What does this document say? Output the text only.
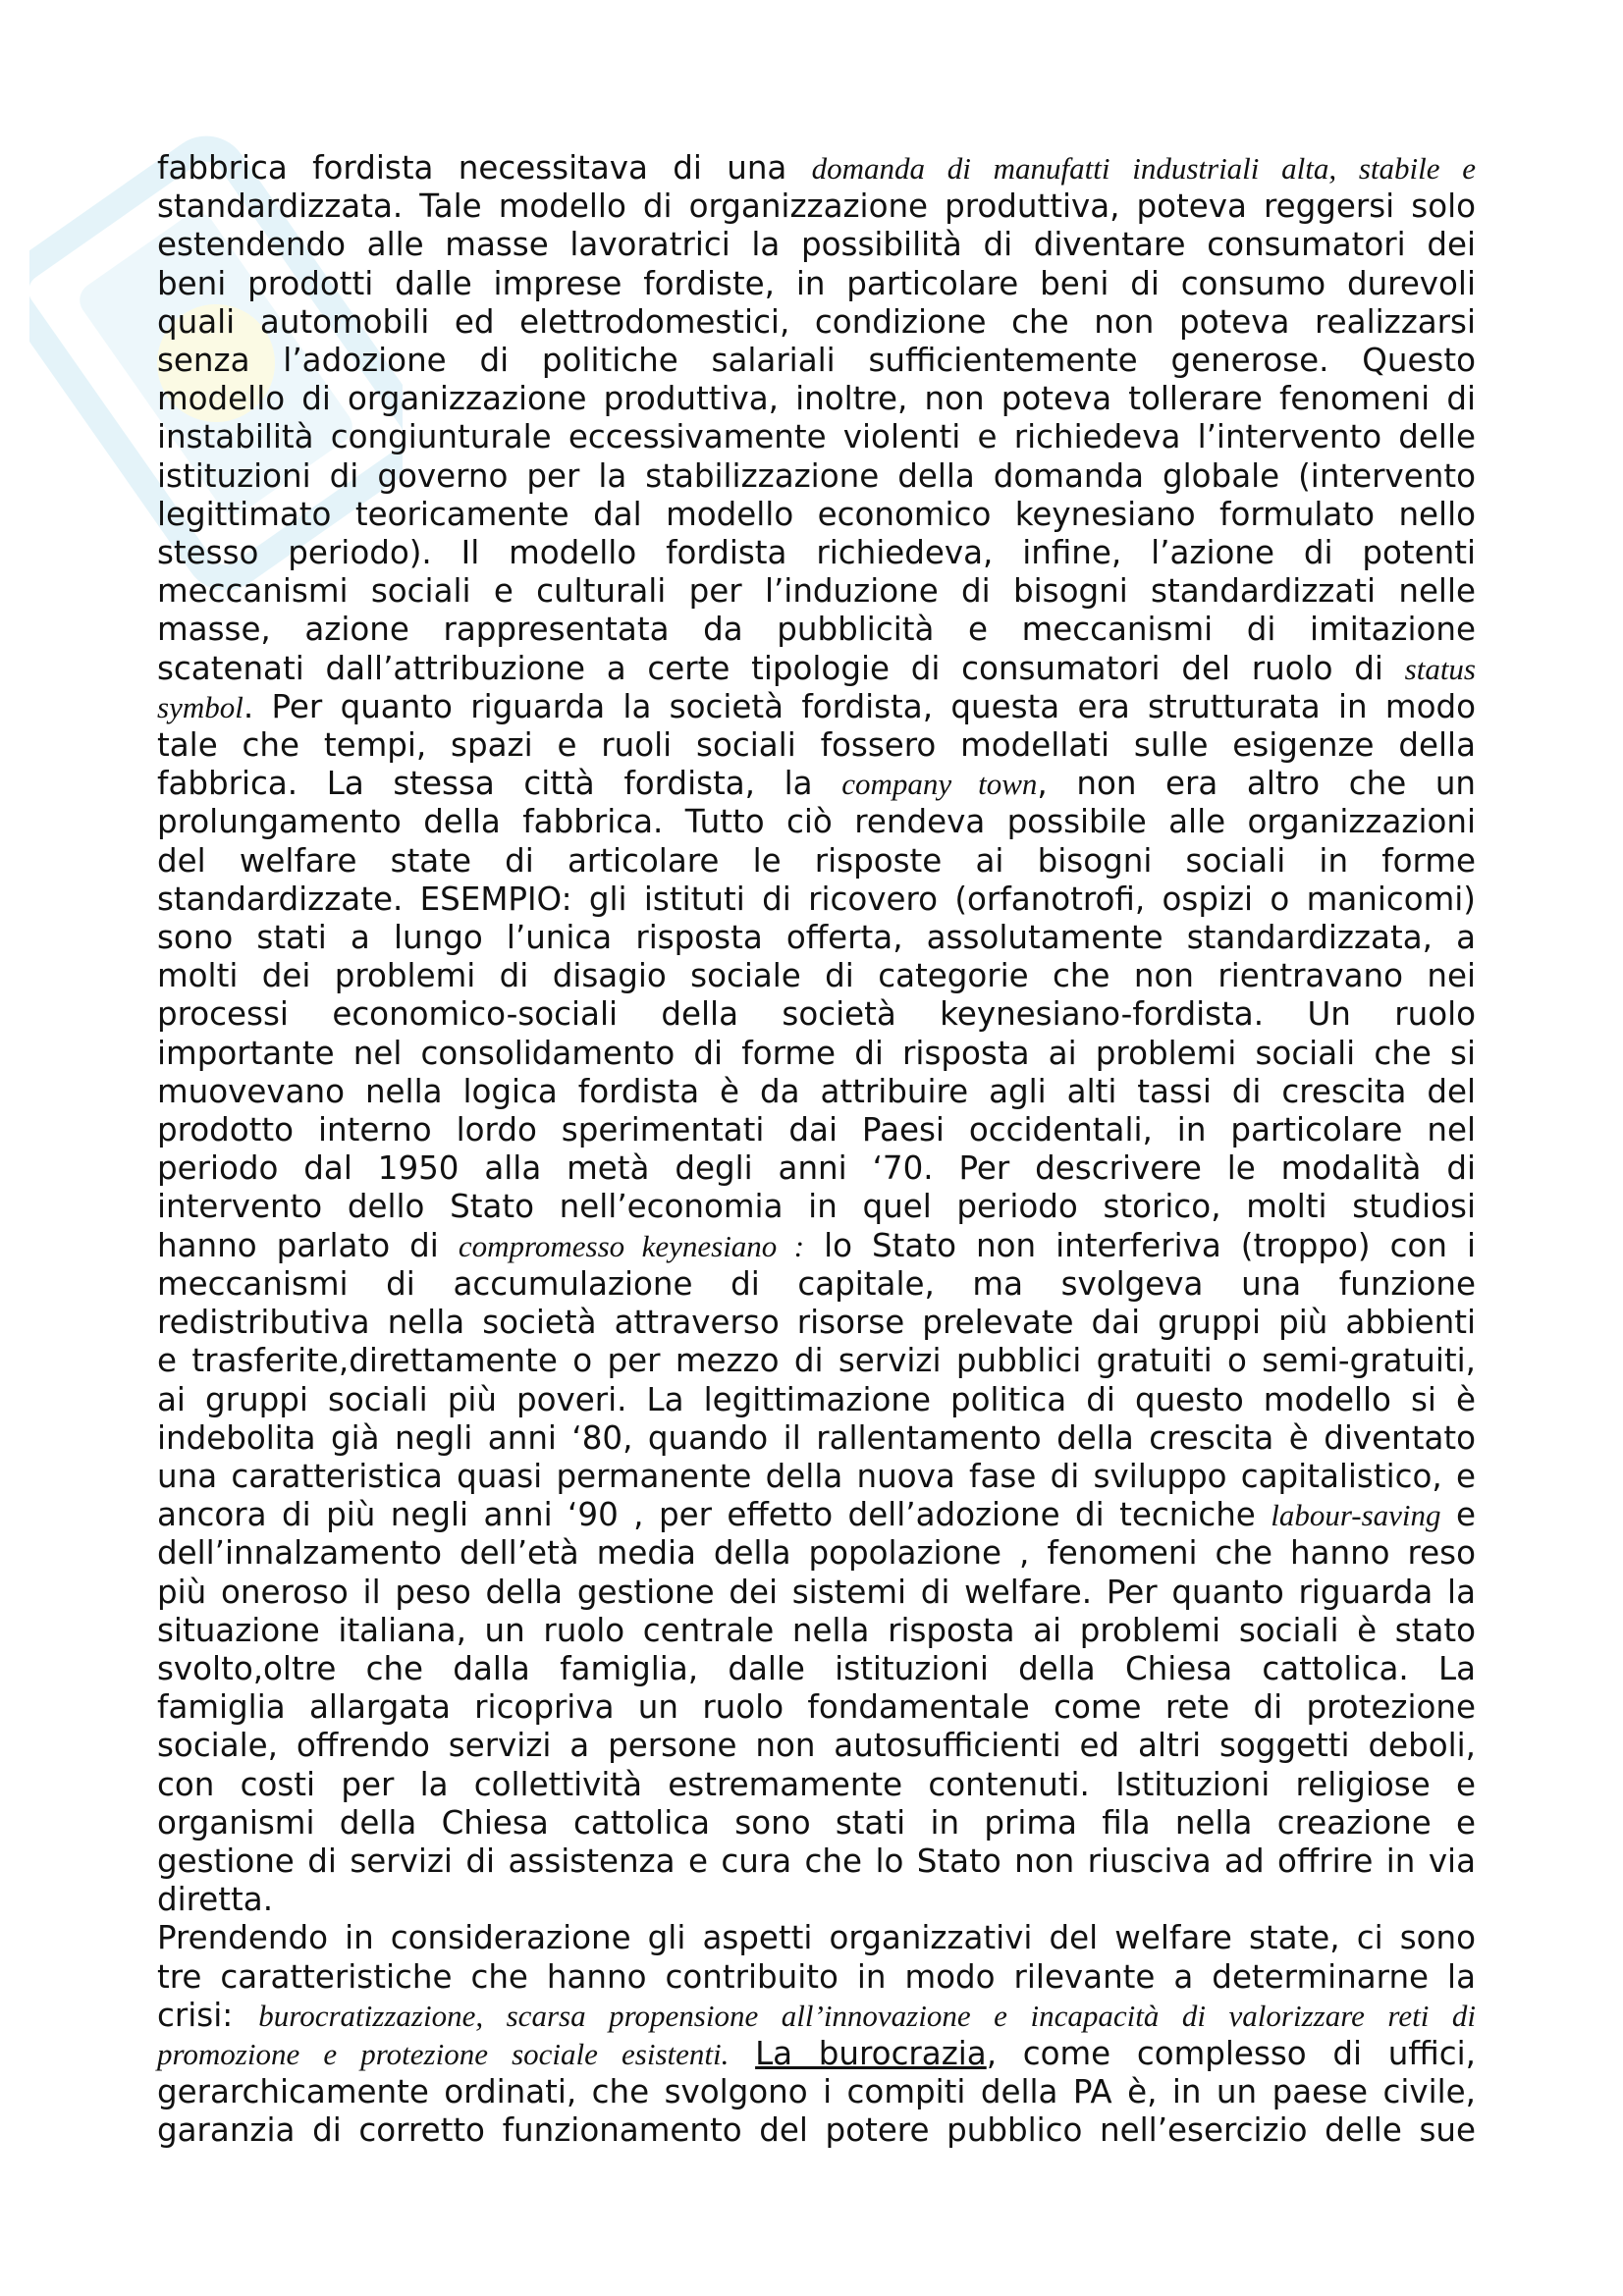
fabbrica fordista necessitava di una domanda di manufatti industriali alta, stabile e
standardizzata. Tale modello di organizzazione produttiva, poteva reggersi solo
estendendo alle masse lavoratrici la possibilità di diventare consumatori dei
beni prodotti dalle imprese fordiste, in particolare beni di consumo durevoli
quali automobili ed elettrodomestici, condizione che non poteva realizzarsi
senza l’adozione di politiche salariali sufficientemente generose. Questo
modello di organizzazione produttiva, inoltre, non poteva tollerare fenomeni di
instabilità congiunturale eccessivamente violenti e richiedeva l’intervento delle
istituzioni di governo per la stabilizzazione della domanda globale (intervento
legittimato teoricamente dal modello economico keynesiano formulato nello
stesso periodo). Il modello fordista richiedeva, infine, l’azione di potenti
meccanismi sociali e culturali per l’induzione di bisogni standardizzati nelle
masse, azione rappresentata da pubblicità e meccanismi di imitazione
scatenati dall’attribuzione a certe tipologie di consumatori del ruolo di status
symbol. Per quanto riguarda la società fordista, questa era strutturata in modo
tale che tempi, spazi e ruoli sociali fossero modellati sulle esigenze della
fabbrica. La stessa città fordista, la company town, non era altro che un
prolungamento della fabbrica. Tutto ciò rendeva possibile alle organizzazioni
del welfare state di articolare le risposte ai bisogni sociali in forme
standardizzate. ESEMPIO: gli istituti di ricovero (orfanotrofi, ospizi o manicomi)
sono stati a lungo l’unica risposta offerta, assolutamente standardizzata, a
molti dei problemi di disagio sociale di categorie che non rientravano nei
processi economico-sociali della società keynesiano-fordista. Un ruolo
importante nel consolidamento di forme di risposta ai problemi sociali che si
muovevano nella logica fordista è da attribuire agli alti tassi di crescita del
prodotto interno lordo sperimentati dai Paesi occidentali, in particolare nel
periodo dal 1950 alla metà degli anni ‘70. Per descrivere le modalità di
intervento dello Stato nell’economia in quel periodo storico, molti studiosi
hanno parlato di compromesso keynesiano : lo Stato non interferiva (troppo) con i
meccanismi di accumulazione di capitale, ma svolgeva una funzione
redistributiva nella società attraverso risorse prelevate dai gruppi più abbienti
e trasferite,direttamente o per mezzo di servizi pubblici gratuiti o semi-gratuiti,
ai gruppi sociali più poveri. La legittimazione politica di questo modello si è
indebolita già negli anni ‘80, quando il rallentamento della crescita è diventato
una caratteristica quasi permanente della nuova fase di sviluppo capitalistico, e
ancora di più negli anni ‘90 , per effetto dell’adozione di tecniche labour-saving e
dell’innalzamento dell’età media della popolazione , fenomeni che hanno reso
più oneroso il peso della gestione dei sistemi di welfare. Per quanto riguarda la
situazione italiana, un ruolo centrale nella risposta ai problemi sociali è stato
svolto,oltre che dalla famiglia, dalle istituzioni della Chiesa cattolica. La
famiglia allargata ricopriva un ruolo fondamentale come rete di protezione
sociale, offrendo servizi a persone non autosufficienti ed altri soggetti deboli,
con costi per la collettività estremamente contenuti. Istituzioni religiose e
organismi della Chiesa cattolica sono stati in prima fila nella creazione e
gestione di servizi di assistenza e cura che lo Stato non riusciva ad offrire in via
diretta.
Prendendo in considerazione gli aspetti organizzativi del welfare state, ci sono
tre caratteristiche che hanno contribuito in modo rilevante a determinarne la
crisi: burocratizzazione, scarsa propensione all’innovazione e incapacità di valorizzare reti di
promozione e protezione sociale esistenti. La burocrazia, come complesso di uffici,
gerarchicamente ordinati, che svolgono i compiti della PA è, in un paese civile,
garanzia di corretto funzionamento del potere pubblico nell’esercizio delle sue
